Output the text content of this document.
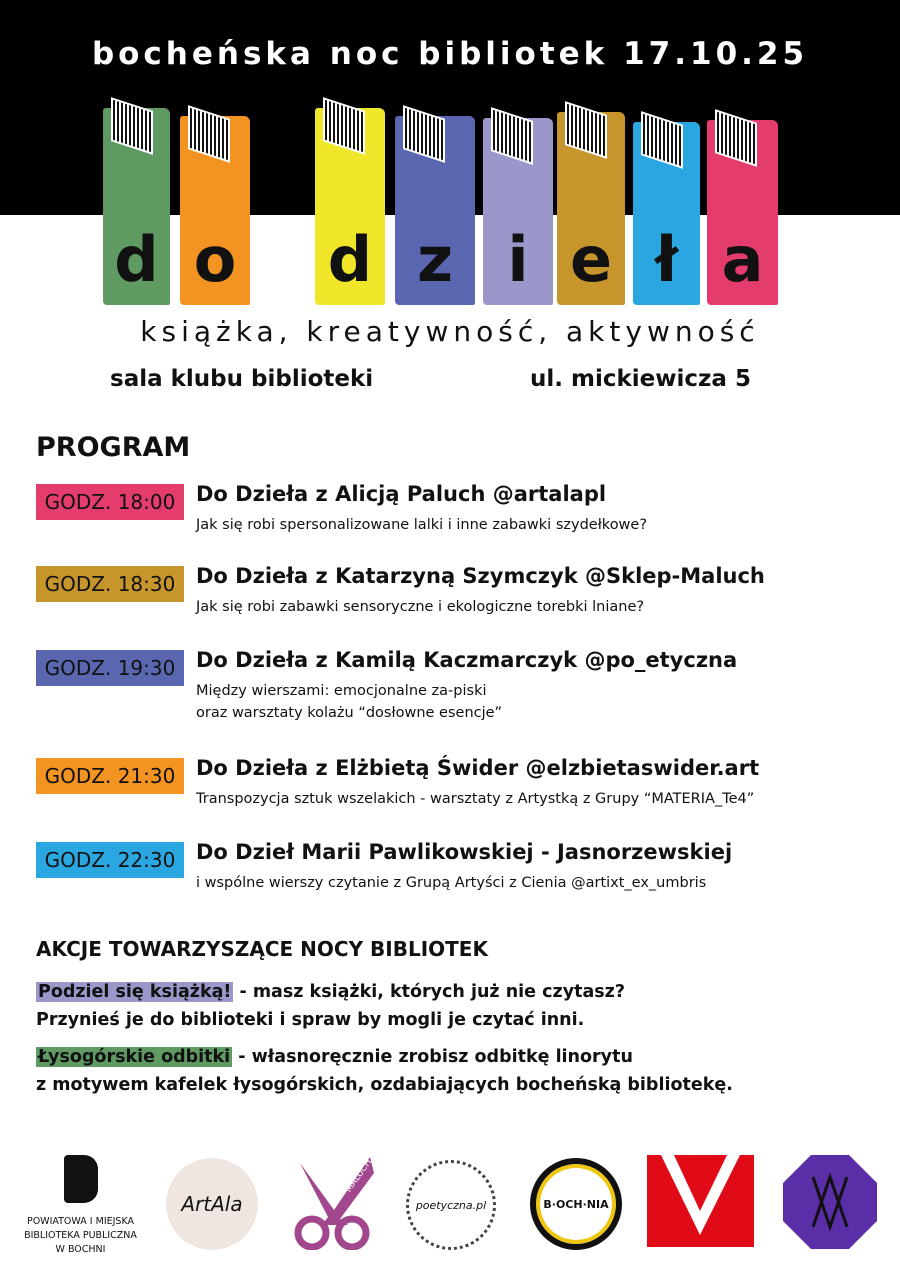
bocheńska noc bibliotek 17.10.25
d o d z i e ł a
książka, kreatywność, aktywność
sala klubu biblioteki	ul. mickiewicza 5
PROGRAM
GODZ. 18:00 Do Dzieła z Alicją Paluch @artalapl
Jak się robi spersonalizowane lalki i inne zabawki szydełkowe?
GODZ. 18:30 Do Dzieła z Katarzyną Szymczyk @Sklep-Maluch
Jak się robi zabawki sensoryczne i ekologiczne torebki lniane?
GODZ. 19:30 Do Dzieła z Kamilą Kaczmarczyk @po_etyczna
Między wierszami: emocjonalne za-piski
oraz warsztaty kolażu “dosłowne esencje”
GODZ. 21:30 Do Dzieła z Elżbietą Świder @elzbietaswider.art
Transpozycja sztuk wszelakich - warsztaty z Artystką z Grupy “MATERIA_Te4”
GODZ. 22:30 Do Dzieł Marii Pawlikowskiej - Jasnorzewskiej
i wspólne wierszy czytanie z Grupą Artyści z Cienia @artixt_ex_umbris
AKCJE TOWARZYSZĄCE NOCY BIBLIOTEK
Podziel się książką! - masz książki, których już nie czytasz?
Przynieś je do biblioteki i spraw by mogli je czytać inni.
Łysogórskie odbitki - własnoręcznie zrobisz odbitkę linorytu
z motywem kafelek łysogórskich, ozdabiających bocheńską bibliotekę.
POWIATOWA I MIEJSKA
BIBLIOTEKA PUBLICZNA
W BOCHNI
ArtAla
MALUCH
poetyczna.pl	B·OCH·NIA
